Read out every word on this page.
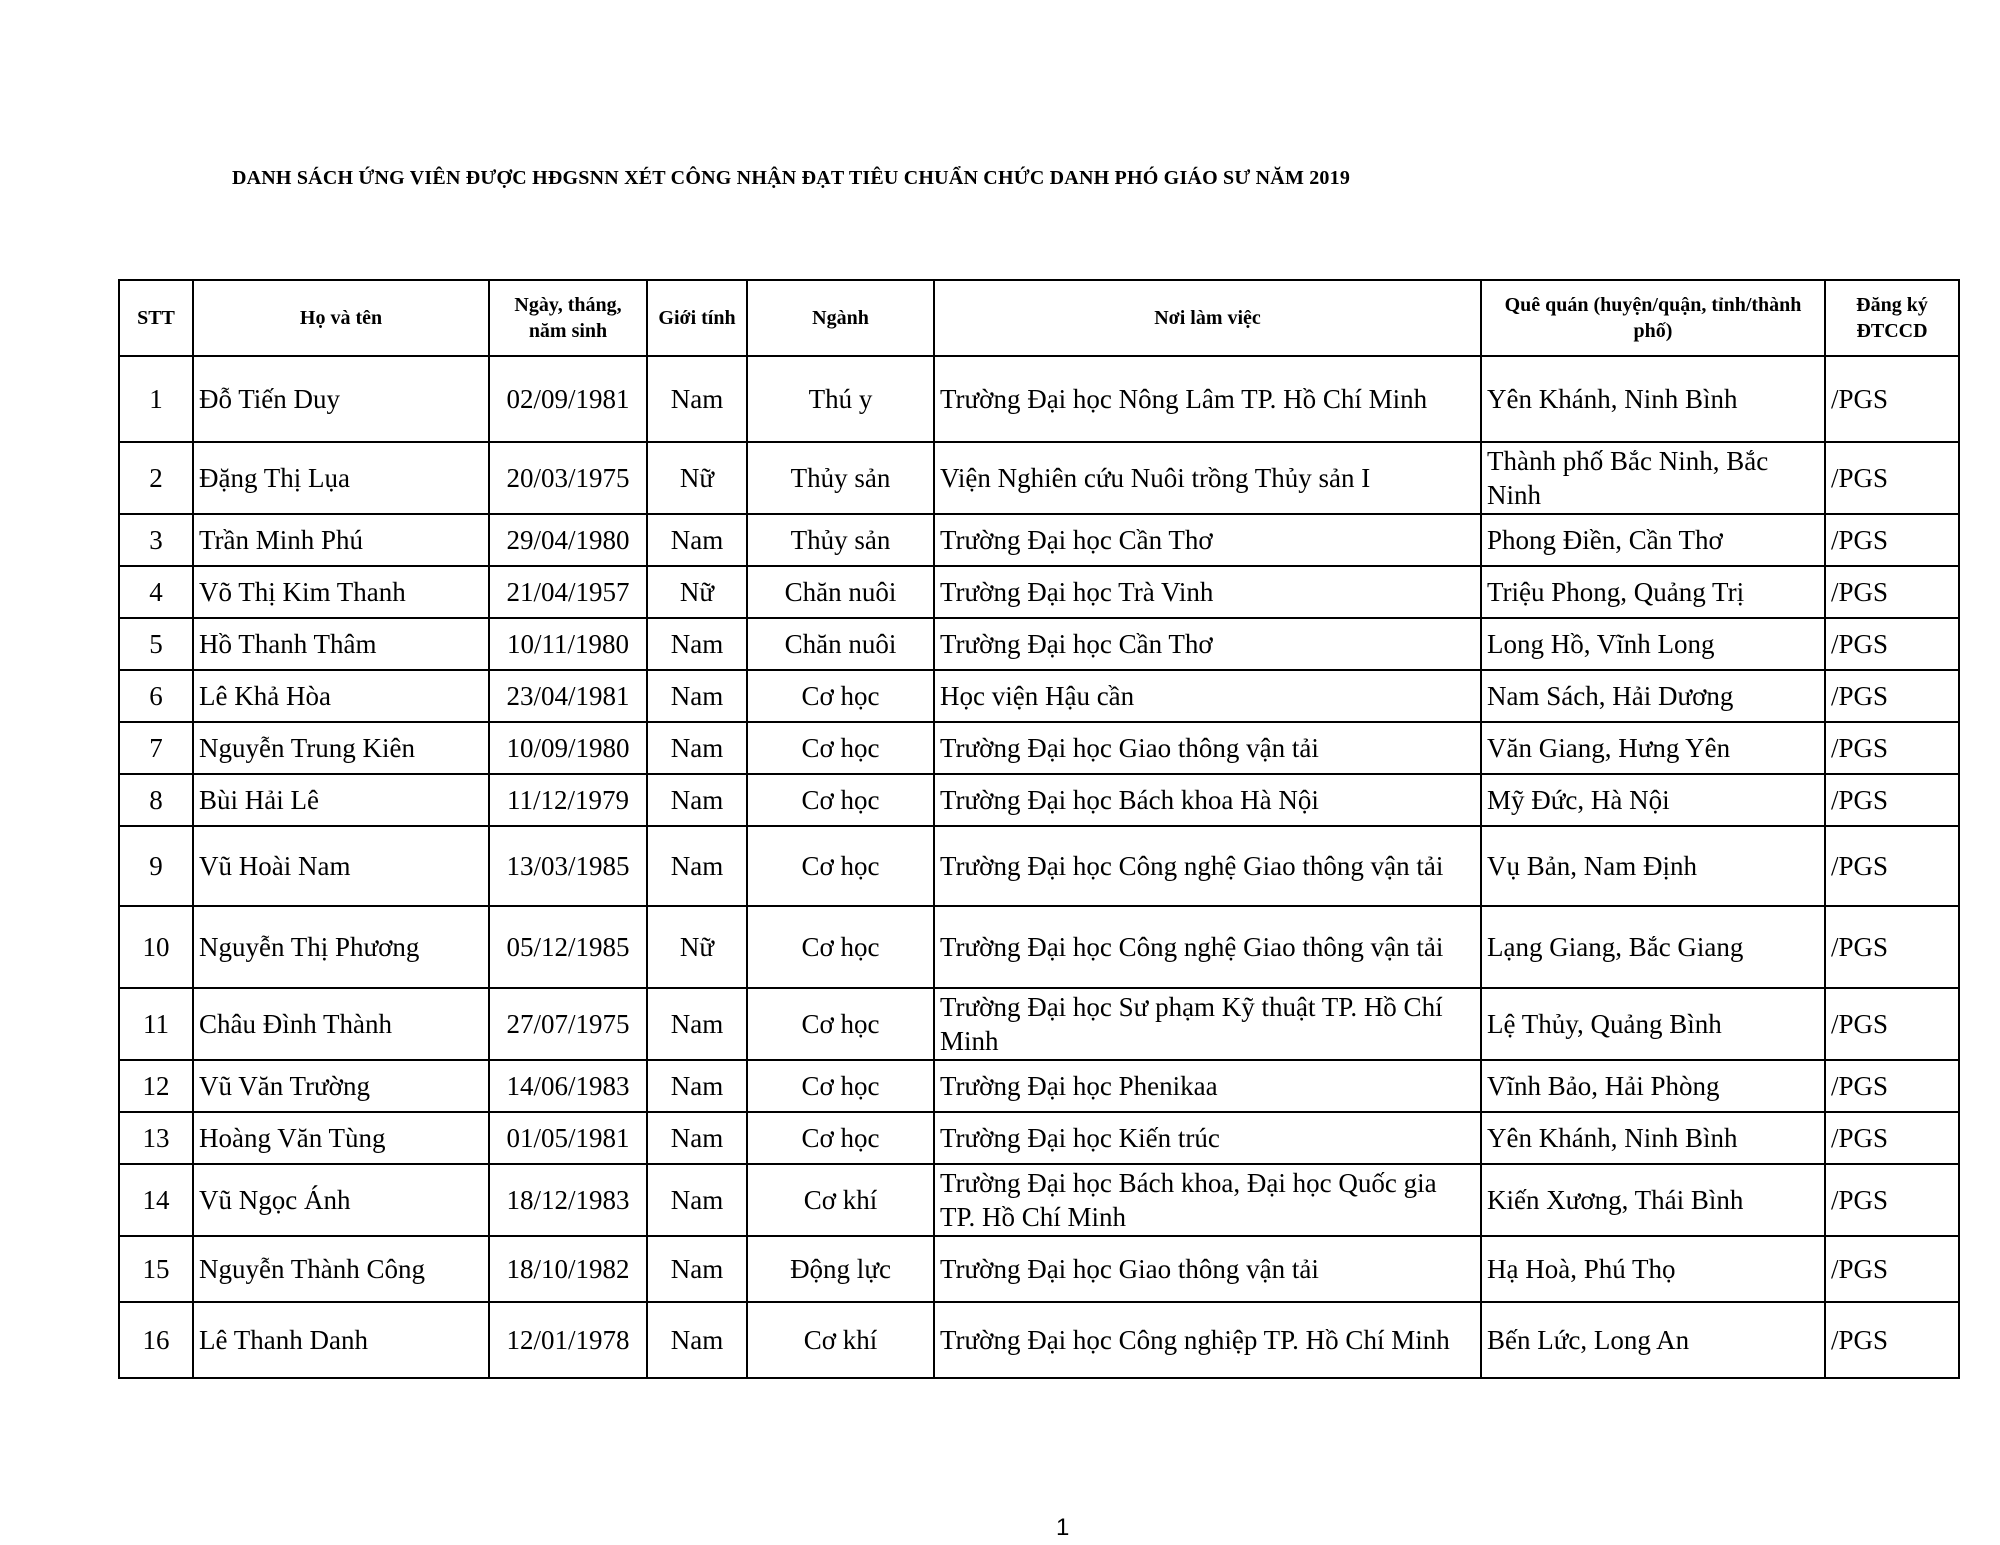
DANH SÁCH ỨNG VIÊN ĐƯỢC HĐGSNN XÉT CÔNG NHẬN ĐẠT TIÊU CHUẨN CHỨC DANH PHÓ GIÁO SƯ NĂM 2019
STT	Họ và tên	Ngày, tháng, năm sinh	Giới tính	Ngành	Nơi làm việc	Quê quán (huyện/quận, tỉnh/thành phố)	Đăng ký ĐTCCD
1	Đỗ Tiến Duy	02/09/1981	Nam	Thú y	Trường Đại học Nông Lâm TP. Hồ Chí Minh	Yên Khánh, Ninh Bình	/PGS
2	Đặng Thị Lụa	20/03/1975	Nữ	Thủy sản	Viện Nghiên cứu Nuôi trồng Thủy sản I	Thành phố Bắc Ninh, Bắc Ninh	/PGS
3	Trần Minh Phú	29/04/1980	Nam	Thủy sản	Trường Đại học Cần Thơ	Phong Điền, Cần Thơ	/PGS
4	Võ Thị Kim Thanh	21/04/1957	Nữ	Chăn nuôi	Trường Đại học Trà Vinh	Triệu Phong, Quảng Trị	/PGS
5	Hồ Thanh Thâm	10/11/1980	Nam	Chăn nuôi	Trường Đại học Cần Thơ	Long Hồ, Vĩnh Long	/PGS
6	Lê Khả Hòa	23/04/1981	Nam	Cơ học	Học viện Hậu cần	Nam Sách, Hải Dương	/PGS
7	Nguyễn Trung Kiên	10/09/1980	Nam	Cơ học	Trường Đại học Giao thông vận tải	Văn Giang, Hưng Yên	/PGS
8	Bùi Hải Lê	11/12/1979	Nam	Cơ học	Trường Đại học Bách khoa Hà Nội	Mỹ Đức, Hà Nội	/PGS
9	Vũ Hoài Nam	13/03/1985	Nam	Cơ học	Trường Đại học Công nghệ Giao thông vận tải	Vụ Bản, Nam Định	/PGS
10	Nguyễn Thị Phương	05/12/1985	Nữ	Cơ học	Trường Đại học Công nghệ Giao thông vận tải	Lạng Giang, Bắc Giang	/PGS
11	Châu Đình Thành	27/07/1975	Nam	Cơ học	Trường Đại học Sư phạm Kỹ thuật TP. Hồ Chí Minh	Lệ Thủy, Quảng Bình	/PGS
12	Vũ Văn Trường	14/06/1983	Nam	Cơ học	Trường Đại học Phenikaa	Vĩnh Bảo, Hải Phòng	/PGS
13	Hoàng Văn Tùng	01/05/1981	Nam	Cơ học	Trường Đại học Kiến trúc	Yên Khánh, Ninh Bình	/PGS
14	Vũ Ngọc Ánh	18/12/1983	Nam	Cơ khí	Trường Đại học Bách khoa, Đại học Quốc gia TP. Hồ Chí Minh	Kiến Xương, Thái Bình	/PGS
15	Nguyễn Thành Công	18/10/1982	Nam	Động lực	Trường Đại học Giao thông vận tải	Hạ Hoà, Phú Thọ	/PGS
16	Lê Thanh Danh	12/01/1978	Nam	Cơ khí	Trường Đại học Công nghiệp TP. Hồ Chí Minh	Bến Lức, Long An	/PGS
1
